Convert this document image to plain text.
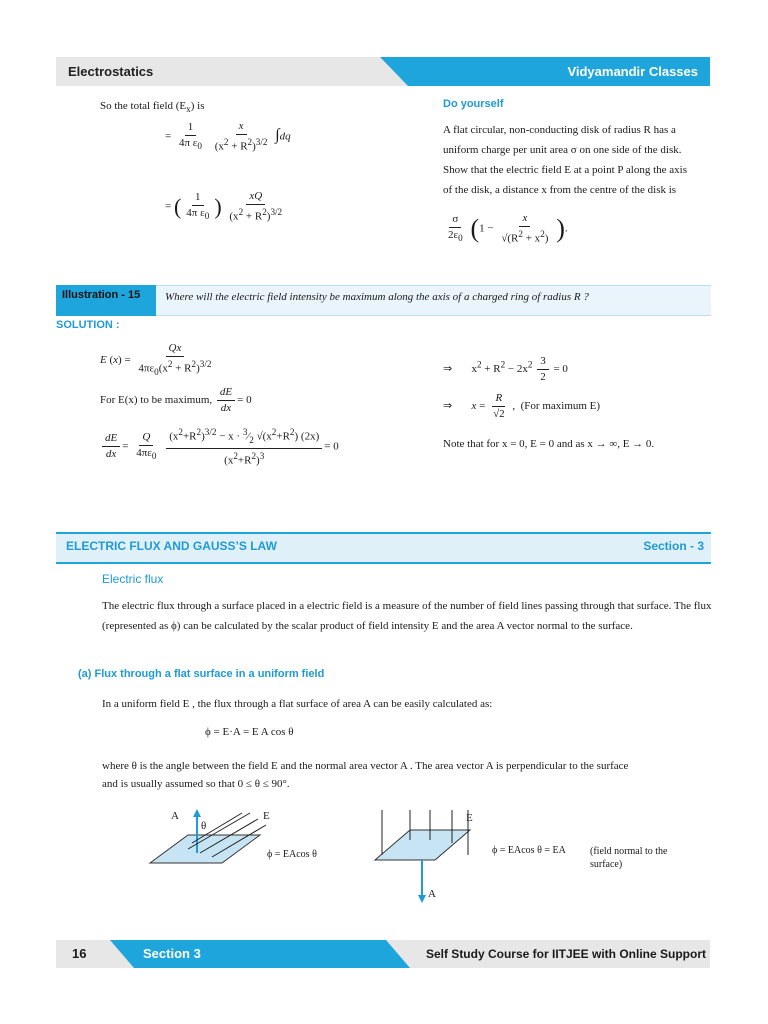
Electrostatics	Vidyamandir Classes
So the total field $(E_x)$ is
= $\frac{1}{4\pi \varepsilon_0}$
$\frac{x}{(x^2 + R^2)^{3/2}} \int dq$
= ( $\frac{1}{4\pi \varepsilon_0}$ ) $\frac{xQ}{(x^2 + R^2)^{3/2}}$
Do yourself
A flat circular, non-conducting disk of radius R has a
uniform charge per unit area σ on one side of the disk.
Show that the electric field E at a point P along the axis
of the disk, a distance x from the centre of the disk is
$\frac{\sigma}{2\varepsilon_0} (1 - \frac{x}{√(R^2 + x^2)}$ ).
Illustration - 15	Where will the electric field intensity be maximum along the axis of a charged ring of radius R ?
SOLUTION :
E $(x) = \frac{Qx}{4\pi\varepsilon_0(x^2 + R^2)^{3/2}}$
For E(x) to be maximum, $\frac{dE}{dx} = 0$
$\frac{dE}{dx} = \frac{Q}{4\pi\varepsilon_0}$
$\frac{(x^2+R^2)^{3/2} - x \cdot ^3⁄_2 √(x^2+R^2) (2x)}{(x^2+R^2)^3} = 0$
⇒       $x^2 + R^2 - 2x^2 \frac{3}{2} = 0$
⇒       $x = \frac{R}{√2}$ ,  (For maximum E)
Note that for x = 0, E = 0 and as x → ∞, E → 0.
ELECTRIC FLUX AND GAUSS’S LAW	Section - 3
Electric flux
The electric flux through a surface placed in a electric field is a measure of the number of field lines passing through that surface. The flux (represented as ϕ) can be calculated by the scalar product of field intensity E and the area A vector normal to the surface.
(a) Flux through a flat surface in a uniform field
In a uniform field E , the flux through a flat surface of area A can be easily calculated as:
ϕ = E·A = E A cos θ
where θ is the angle between the field E and the normal area vector A . The area vector A is perpendicular to the surface
and is usually assumed so that 0 ≤ θ ≤ 90°.
A	E
θ
ϕ = EAcos θ
E
A
ϕ = EAcos θ = EA (field normal to the surface)
16	Section 3	Self Study Course for IITJEE with Online Support
